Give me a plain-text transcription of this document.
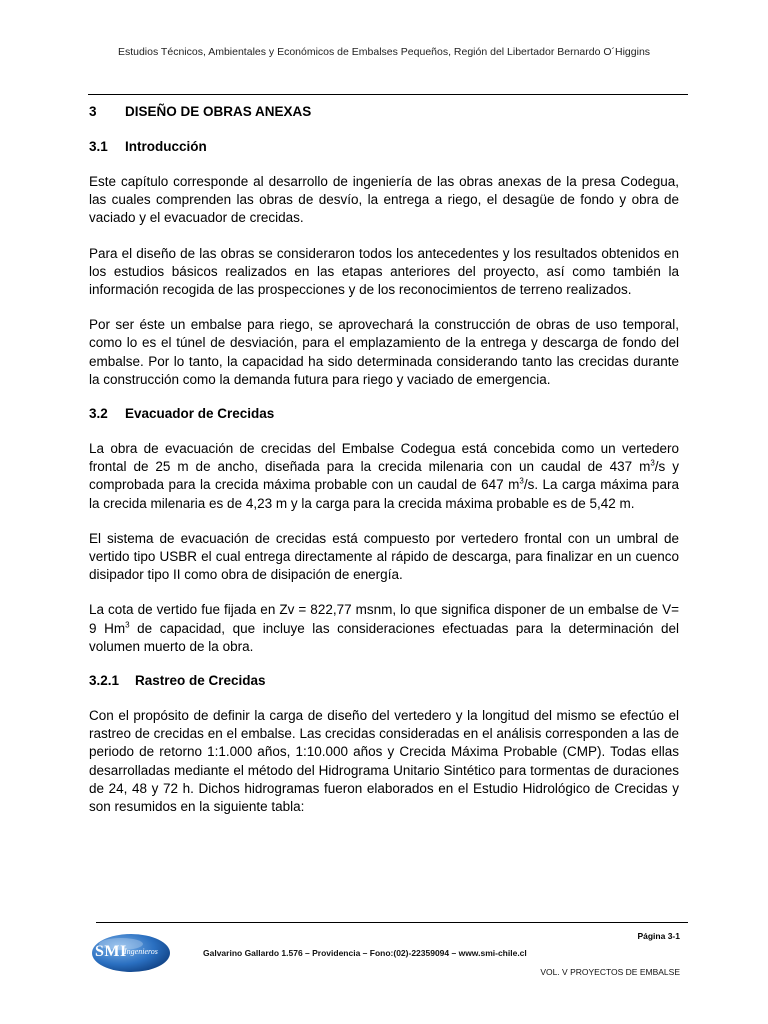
Estudios Técnicos, Ambientales y Económicos de Embalses Pequeños, Región del Libertador Bernardo O´Higgins
3 DISEÑO DE OBRAS ANEXAS
3.1 Introducción

Este capítulo corresponde al desarrollo de ingeniería de las obras anexas de la presa Codegua, las cuales comprenden las obras de desvío, la entrega a riego, el desagüe de fondo y obra de vaciado y el evacuador de crecidas.

Para el diseño de las obras se consideraron todos los antecedentes y los resultados obtenidos en los estudios básicos realizados en las etapas anteriores del proyecto, así como también la información recogida de las prospecciones y de los reconocimientos de terreno realizados.

Por ser éste un embalse para riego, se aprovechará la construcción de obras de uso temporal, como lo es el túnel de desviación, para el emplazamiento de la entrega y descarga de fondo del embalse. Por lo tanto, la capacidad ha sido determinada considerando tanto las crecidas durante la construcción como la demanda futura para riego y vaciado de emergencia.

3.2 Evacuador de Crecidas

La obra de evacuación de crecidas del Embalse Codegua está concebida como un vertedero frontal de 25 m de ancho, diseñada para la crecida milenaria con un caudal de 437 $m^3/s$ y comprobada para la crecida máxima probable con un caudal de 647 $m^3/s$. La carga máxima para la crecida milenaria es de 4,23 m y la carga para la crecida máxima probable es de 5,42 m.

El sistema de evacuación de crecidas está compuesto por vertedero frontal con un umbral de vertido tipo USBR el cual entrega directamente al rápido de descarga, para finalizar en un cuenco disipador tipo II como obra de disipación de energía.

La cota de vertido fue fijada en Zv = 822,77 msnm, lo que significa disponer de un embalse de V= 9 Hm$^3$ de capacidad, que incluye las consideraciones efectuadas para la determinación del volumen muerto de la obra.

3.2.1 Rastreo de Crecidas

Con el propósito de definir la carga de diseño del vertedero y la longitud del mismo se efectúo el rastreo de crecidas en el embalse. Las crecidas consideradas en el análisis corresponden a las de periodo de retorno 1:1.000 años, 1:10.000 años y Crecida Máxima Probable (CMP). Todas ellas desarrolladas mediante el método del Hidrograma Unitario Sintético para tormentas de duraciones de 24, 48 y 72 h. Dichos hidrogramas fueron elaborados en el Estudio Hidrológico de Crecidas y son resumidos en la siguiente tabla:

Página 3-1
SMI
Ingenieros	Galvarino Gallardo 1.576 – Providencia – Fono:(02)-22359094 – www.smi-chile.cl
VOL. V PROYECTOS DE EMBALSE
